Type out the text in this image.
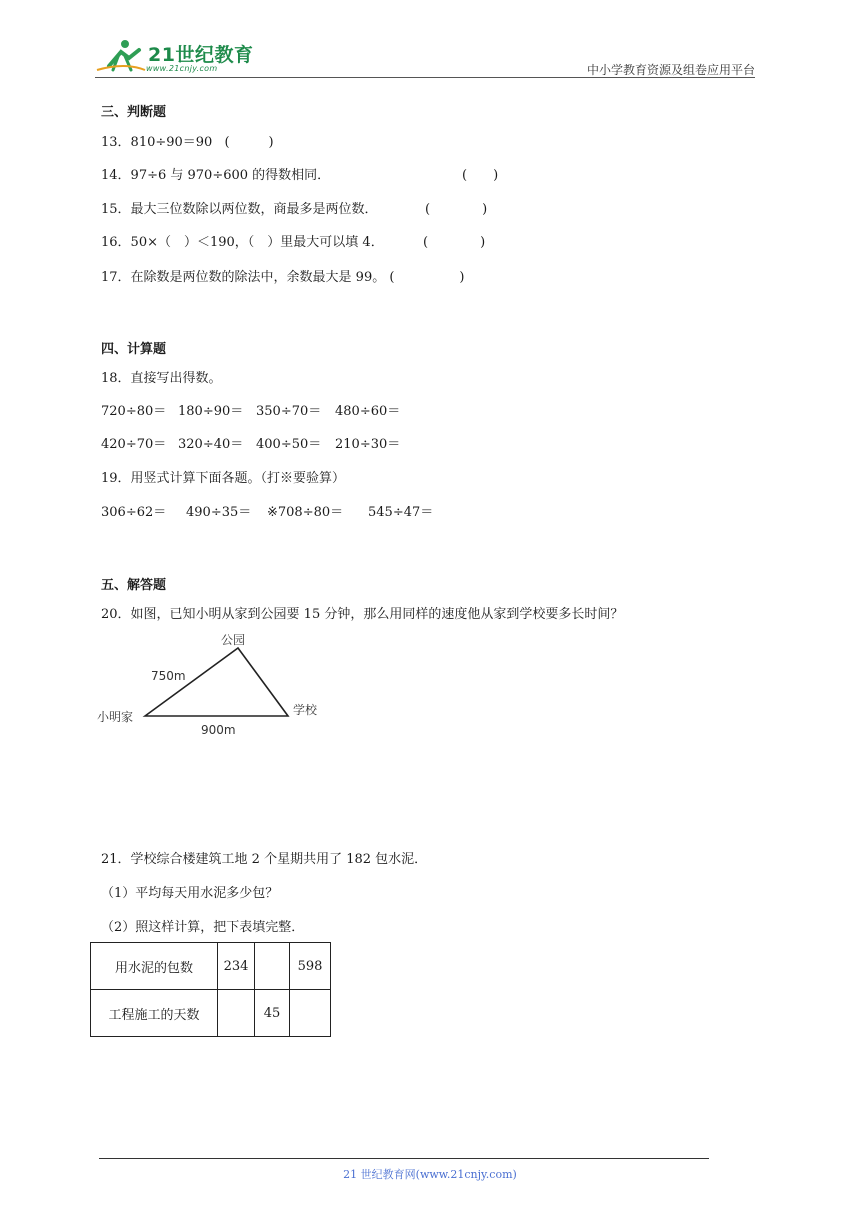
21世纪教育
www.21cnjy.com	中小学教育资源及组卷应用平台
三、判断题
13．810÷90＝90 (　　　)
14．97÷6 与 970÷600 的得数相同．	(　　)
15．最大三位数除以两位数，商最多是两位数．	(　　　　)
16．50×（　）＜190，（　）里最大可以填 4．	(　　　　)
17．在除数是两位数的除法中，余数最大是 99。 (　　　　　)
四、计算题
18．直接写出得数。
720÷80＝ 180÷90＝ 350÷70＝ 480÷60＝
420÷70＝ 320÷40＝ 400÷50＝ 210÷30＝
19．用竖式计算下面各题。（打※要验算）
306÷62＝ 490÷35＝ ※708÷80＝ 545÷47＝
五、解答题
20．如图，已知小明从家到公园要 15 分钟，那么用同样的速度他从家到学校要多长时间？
公园
小明家	学校
750m
900m
21．学校综合楼建筑工地 2 个星期共用了 182 包水泥．
（1）平均每天用水泥多少包？
（2）照这样计算，把下表填完整．
用水泥的包数	234		598
工程施工的天数		45	
21 世纪教育网(www.21cnjy.com)
